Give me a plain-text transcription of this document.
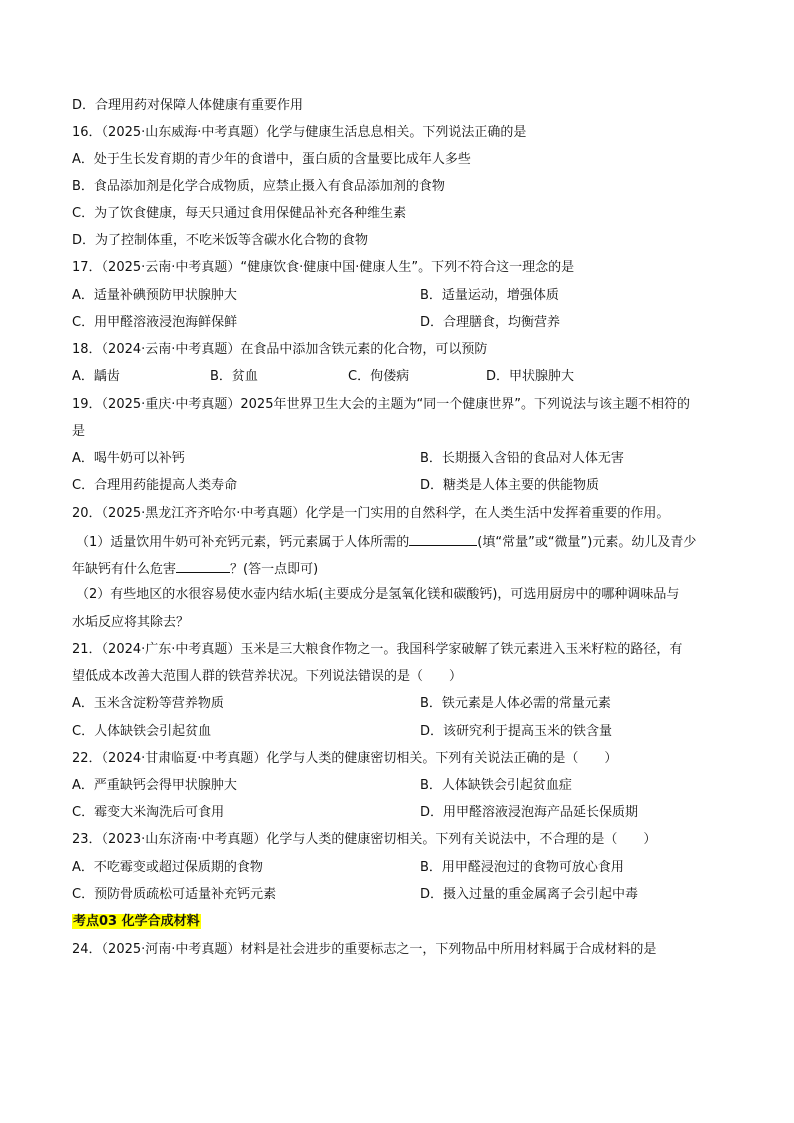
D．合理用药对保障人体健康有重要作用
16．（2025·山东威海·中考真题）化学与健康生活息息相关。下列说法正确的是
A．处于生长发育期的青少年的食谱中，蛋白质的含量要比成年人多些
B．食品添加剂是化学合成物质，应禁止摄入有食品添加剂的食物
C．为了饮食健康，每天只通过食用保健品补充各种维生素
D．为了控制体重，不吃米饭等含碳水化合物的食物
17．（2025·云南·中考真题）“健康饮食·健康中国·健康人生”。下列不符合这一理念的是
A．适量补碘预防甲状腺肿大	B．适量运动，增强体质
C．用甲醛溶液浸泡海鲜保鲜	D．合理膳食，均衡营养
18．（2024·云南·中考真题）在食品中添加含铁元素的化合物，可以预防
A．龋齿	B．贫血	C．佝偻病	D．甲状腺肿大
19．（2025·重庆·中考真题）2025年世界卫生大会的主题为“同一个健康世界”。下列说法与该主题不相符的
是
A．喝牛奶可以补钙	B．长期摄入含铅的食品对人体无害
C．合理用药能提高人类寿命	D．糖类是人体主要的供能物质
20．（2025·黑龙江齐齐哈尔·中考真题）化学是一门实用的自然科学，在人类生活中发挥着重要的作用。
（1）适量饮用牛奶可补充钙元素，钙元素属于人体所需的	(填“常量”或“微量”)元素。幼儿及青少
年缺钙有什么危害	？(答一点即可)
（2）有些地区的水很容易使水壶内结水垢(主要成分是氢氧化镁和碳酸钙)，可选用厨房中的哪种调味品与
水垢反应将其除去？
21．（2024·广东·中考真题）玉米是三大粮食作物之一。我国科学家破解了铁元素进入玉米籽粒的路径，有
望低成本改善大范围人群的铁营养状况。下列说法错误的是（　　）
A．玉米含淀粉等营养物质	B．铁元素是人体必需的常量元素
C．人体缺铁会引起贫血	D．该研究利于提高玉米的铁含量
22．（2024·甘肃临夏·中考真题）化学与人类的健康密切相关。下列有关说法正确的是（　　）
A．严重缺钙会得甲状腺肿大	B．人体缺铁会引起贫血症
C．霉变大米淘洗后可食用	D．用甲醛溶液浸泡海产品延长保质期
23．（2023·山东济南·中考真题）化学与人类的健康密切相关。下列有关说法中，不合理的是（　　）
A．不吃霉变或超过保质期的食物	B．用甲醛浸泡过的食物可放心食用
C．预防骨质疏松可适量补充钙元素	D．摄入过量的重金属离子会引起中毒
考点03 化学合成材料
24．（2025·河南·中考真题）材料是社会进步的重要标志之一，下列物品中所用材料属于合成材料的是
